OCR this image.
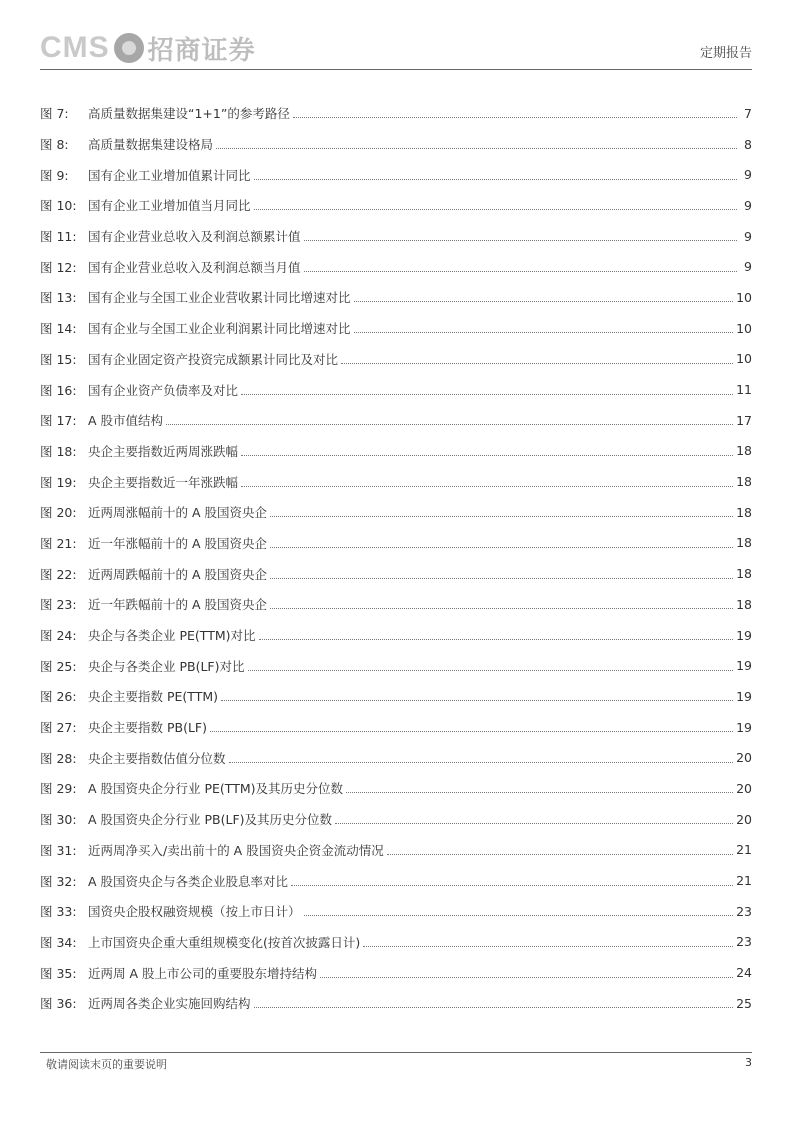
CMS 招商证券	定期报告
图 7:	高质量数据集建设“1+1”的参考路径	7
图 8:	高质量数据集建设格局	8
图 9:	国有企业工业增加值累计同比	9
图 10: 国有企业工业增加值当月同比	9
图 11: 国有企业营业总收入及利润总额累计值	9
图 12: 国有企业营业总收入及利润总额当月值	9
图 13: 国有企业与全国工业企业营收累计同比增速对比	10
图 14: 国有企业与全国工业企业利润累计同比增速对比	10
图 15: 国有企业固定资产投资完成额累计同比及对比	10
图 16: 国有企业资产负债率及对比	11
图 17: A 股市值结构	17
图 18: 央企主要指数近两周涨跌幅	18
图 19: 央企主要指数近一年涨跌幅	18
图 20: 近两周涨幅前十的 A 股国资央企	18
图 21: 近一年涨幅前十的 A 股国资央企	18
图 22: 近两周跌幅前十的 A 股国资央企	18
图 23: 近一年跌幅前十的 A 股国资央企	18
图 24: 央企与各类企业 PE(TTM)对比	19
图 25: 央企与各类企业 PB(LF)对比	19
图 26: 央企主要指数 PE(TTM)	19
图 27: 央企主要指数 PB(LF)	19
图 28: 央企主要指数估值分位数	20
图 29: A 股国资央企分行业 PE(TTM)及其历史分位数	20
图 30: A 股国资央企分行业 PB(LF)及其历史分位数	20
图 31: 近两周净买入/卖出前十的 A 股国资央企资金流动情况	21
图 32: A 股国资央企与各类企业股息率对比	21
图 33: 国资央企股权融资规模（按上市日计）	23
图 34: 上市国资央企重大重组规模变化(按首次披露日计)	23
图 35: 近两周 A 股上市公司的重要股东增持结构	24
图 36: 近两周各类企业实施回购结构	25
敬请阅读末页的重要说明	3
